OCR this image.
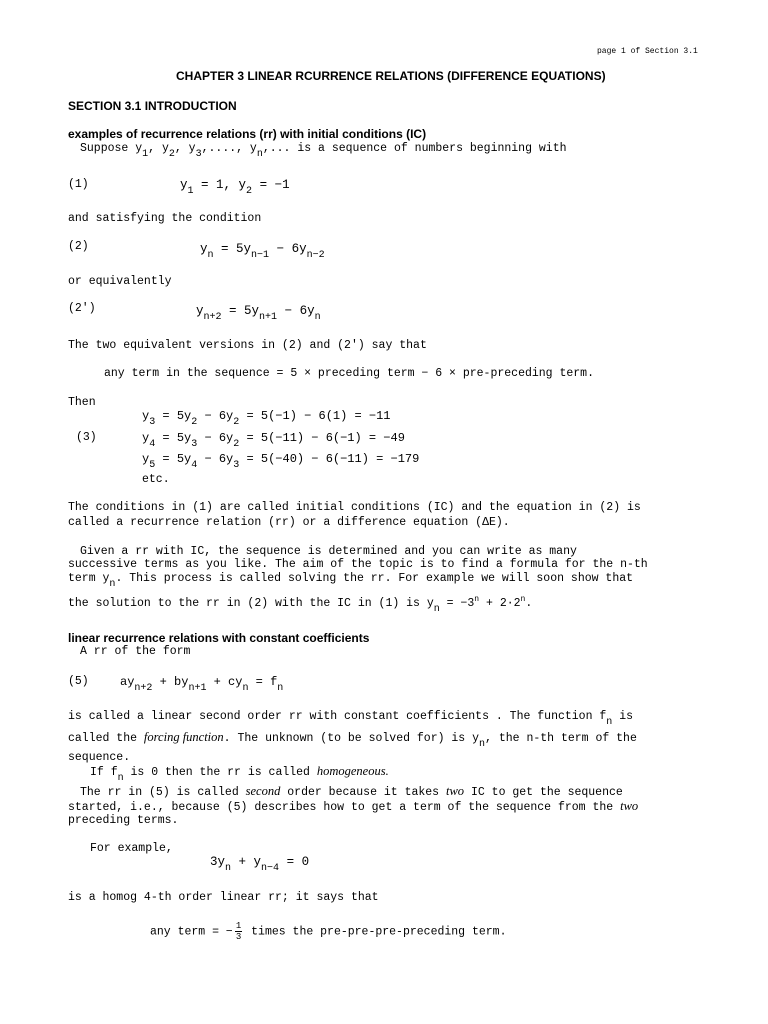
page 1 of Section 3.1
CHAPTER 3 LINEAR RCURRENCE RELATIONS (DIFFERENCE EQUATIONS)
SECTION 3.1 INTRODUCTION
examples of recurrence relations (rr) with initial conditions (IC)
Suppose y1, y2, y3,...., yn,... is a sequence of numbers beginning with
(1)	$y_1 = 1$, $y_2 = -1$
and satisfying the condition
(2)	$y_n = 5y_{n-1} - 6y_{n-2}$
or equivalently
(2')	$y_{n+2} = 5y_{n+1} - 6y_n$
The two equivalent versions in (2) and (2') say that
any term in the sequence = 5 × preceding term − 6 × pre-preceding term.
Then
(3)
$y_3 = 5y_2 - 6y_2 = 5(-1) - 6(1) = -11$
$y_4 = 5y_3 - 6y_2 = 5(-11) - 6(-1) = -49$
$y_5 = 5y_4 - 6y_3 = 5(-40) - 6(-11) = -179$
etc.
The conditions in (1) are called initial conditions (IC) and the equation in (2) is
called a recurrence relation (rr) or a difference equation (ΔE).
Given a rr with IC, the sequence is determined and you can write as many
successive terms as you like. The aim of the topic is to find a formula for the n-th
term yn. This process is called solving the rr. For example we will soon show that
the solution to the rr in (2) with the IC in (1) is yn = $-3^n + 2\cdot 2^n$.
linear recurrence relations with constant coefficients
A rr of the form
(5)	$ay_{n+2} + by_{n+1} + cy_n = f_n$
is called a linear second order rr with constant coefficients . The function fn is
called the forcing function. The unknown (to be solved for) is yn, the n-th term of the
sequence.
If fn is 0 then the rr is called homogeneous.
The rr in (5) is called second order because it takes two IC to get the sequence
started, i.e., because (5) describes how to get a term of the sequence from the two
preceding terms.
For example,
$3y_n + y_{n-4} = 0$
is a homog 4-th order linear rr; it says that
any term = − $\frac{1}{3}$ times the pre-pre-pre-preceding term.
